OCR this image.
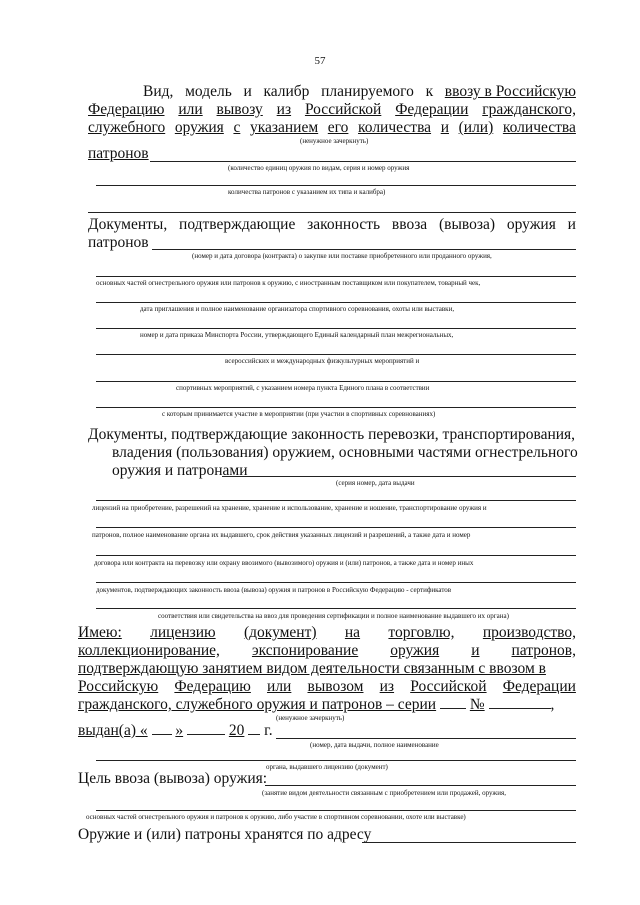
57
Вид, модель и калибр планируемого к ввозу в Российскую
Федерацию или вывозу из Российской Федерации гражданского,
служебного оружия с указанием его количества и (или) количества
(ненужное зачеркнуть)
патронов
(количество единиц оружия по видам, серия и номер оружия
количества патронов с указанием их типа и калибра)
Документы, подтверждающие законность ввоза (вывоза) оружия и
патронов
(номер и дата договора (контракта) о закупке или поставке приобретенного или проданного оружия,
основных частей огнестрельного оружия или патронов к оружию, с иностранным поставщиком или покупателем, товарный чек,
дата приглашения и полное наименование организатора спортивного соревнования, охоты или выставки,
номер и дата приказа Минспорта России, утверждающего Единый календарный план межрегиональных,
всероссийских и международных физкультурных мероприятий и
спортивных мероприятий, с указанием номера пункта Единого плана в соответствии
с которым принимается участие в мероприятии (при участии в спортивных соревнованиях)
Документы, подтверждающие законность перевозки, транспортирования,
владения (пользования) оружием, основными частями огнестрельного
оружия и патронами
(серия номер, дата выдачи
лицензий на приобретение, разрешений на хранение, хранение и использование, хранение и ношение, транспортирование оружия и
патронов, полное наименование органа их выдавшего, срок действия указанных лицензий и разрешений, а также дата и номер
договора или контракта на перевозку или охрану ввозимого (вывозимого) оружия и (или) патронов, а также дата и номер иных
документов, подтверждающих законность ввоза (вывоза) оружия и патронов в Российскую Федерацию - сертификатов
соответствия или свидетельства на ввоз для проведения сертификации и полное наименование выдавшего их органа)
Имею: лицензию (документ) на торговлю, производство,
коллекционирование, экспонирование оружия и патронов,
подтверждающую занятием видом деятельности связанным с ввозом в
Российскую Федерацию или вывозом из Российской Федерации
гражданского, служебного оружия и патронов – серии №	,
(ненужное зачеркнуть)
выдан(а) « »	20 г.
(номер, дата выдачи, полное наименование
органа, выдавшего лицензию (документ)
Цель ввоза (вывоза) оружия:
(занятие видом деятельности связанным с приобретением или продажей, оружия,
основных частей огнестрельного оружия и патронов к оружию, либо участие в спортивном соревновании, охоте или выставке)
Оружие и (или) патроны хранятся по адресу
